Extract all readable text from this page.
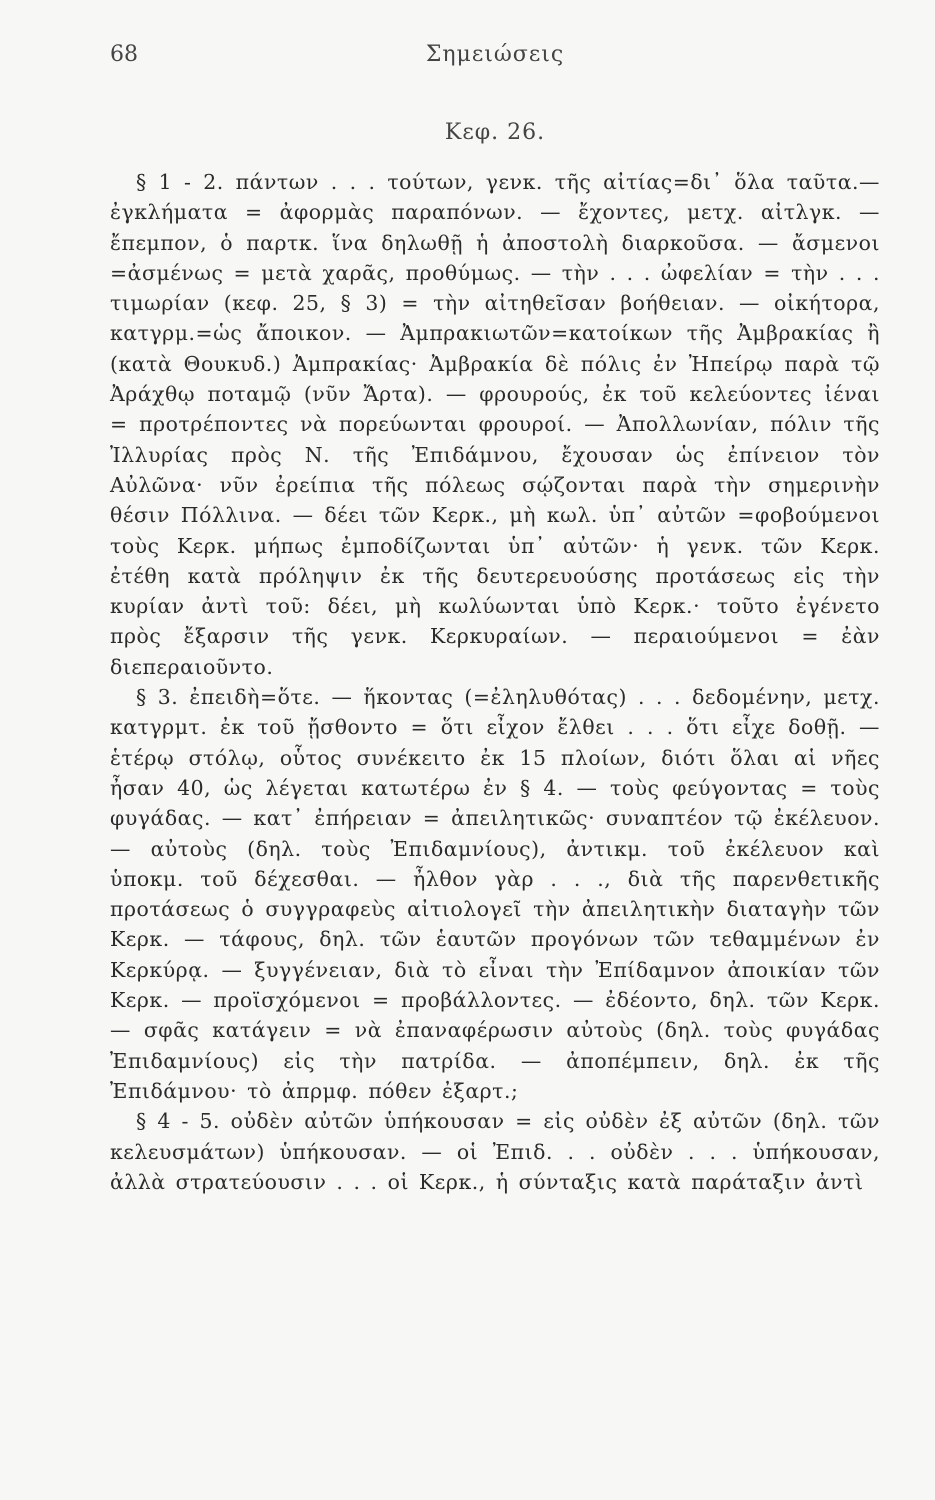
68	Σημειώσεις
Κεφ. 26.

§ 1 - 2. πάντων . . . τούτων, γενκ. τῆς αἰτίας=δι᾽ ὅλα ταῦτα.— ἐγκλήματα = ἀφορμὰς παραπόνων. — ἔχοντες, μετχ. αἰτλγκ. — ἔπεμπον, ὁ παρτκ. ἵνα δηλωθῇ ἡ ἀποστολὴ διαρκοῦσα. — ἄσμενοι =ἀσμένως = μετὰ χαρᾶς, προθύμως. — τὴν . . . ὠφελίαν = τὴν . . . τιμωρίαν (κεφ. 25, § 3) = τὴν αἰτηθεῖσαν βοήθειαν. — οἰκήτορα, κατγρμ.=ὡς ἄποικον. — Ἀμπρακιωτῶν=κατοίκων τῆς Ἀμβρακίας ἢ (κατὰ Θουκυδ.) Ἀμπρακίας· Ἀμβρακία δὲ πόλις ἐν Ἠπείρῳ παρὰ τῷ Ἀράχθῳ ποταμῷ (νῦν Ἄρτα). — φρουρούς, ἐκ τοῦ κελεύοντες ἰέναι = προτρέποντες νὰ πορεύωνται φρουροί. — Ἀπολλωνίαν, πόλιν τῆς Ἰλλυρίας πρὸς Ν. τῆς Ἐπιδάμνου, ἔχουσαν ὡς ἐπίνειον τὸν Αὐλῶνα· νῦν ἐρείπια τῆς πόλεως σῴζονται παρὰ τὴν σημερινὴν θέσιν Πόλλινα. — δέει τῶν Κερκ., μὴ κωλ. ὑπ᾽ αὐτῶν =φοβούμενοι τοὺς Κερκ. μήπως ἐμποδίζωνται ὑπ᾽ αὐτῶν· ἡ γενκ. τῶν Κερκ. ἐτέθη κατὰ πρόληψιν ἐκ τῆς δευτερευούσης προτάσεως εἰς τὴν κυρίαν ἀντὶ τοῦ: δέει, μὴ κωλύωνται ὑπὸ Κερκ.· τοῦτο ἐγένετο πρὸς ἔξαρσιν τῆς γενκ. Κερκυραίων. — περαιούμενοι = ἐὰν διεπεραιοῦντο.

§ 3. ἐπειδὴ=ὅτε. — ἥκοντας (=ἐληλυθότας) . . . δεδομένην, μετχ. κατγρμτ. ἐκ τοῦ ᾔσθοντο = ὅτι εἶχον ἔλθει . . . ὅτι εἶχε δοθῇ. — ἑτέρῳ στόλῳ, οὗτος συνέκειτο ἐκ 15 πλοίων, διότι ὅλαι αἱ νῆες ἦσαν 40, ὡς λέγεται κατωτέρω ἐν § 4. — τοὺς φεύγοντας = τοὺς φυγάδας. — κατ᾽ ἐπήρειαν = ἀπειλητικῶς· συναπτέον τῷ ἐκέλευον. — αὐτοὺς (δηλ. τοὺς Ἐπιδαμνίους), ἀντικμ. τοῦ ἐκέλευον καὶ ὑποκμ. τοῦ δέχεσθαι. — ἦλθον γὰρ . . ., διὰ τῆς παρενθετικῆς προτάσεως ὁ συγγραφεὺς αἰτιολογεῖ τὴν ἀπειλητικὴν διαταγὴν τῶν Κερκ. — τάφους, δηλ. τῶν ἑαυτῶν προγόνων τῶν τεθαμμένων ἐν Κερκύρᾳ. — ξυγγένειαν, διὰ τὸ εἶναι τὴν Ἐπίδαμνον ἀποικίαν τῶν Κερκ. — προϊσχόμενοι = προβάλλοντες. — ἐδέοντο, δηλ. τῶν Κερκ. — σφᾶς κατάγειν = νὰ ἐπαναφέρωσιν αὐτοὺς (δηλ. τοὺς φυγάδας Ἐπιδαμνίους) εἰς τὴν πατρίδα. — ἀποπέμπειν, δηλ. ἐκ τῆς Ἐπιδάμνου· τὸ ἀπρμφ. πόθεν ἐξαρτ.;

§ 4 - 5. οὐδὲν αὐτῶν ὑπήκουσαν = εἰς οὐδὲν ἐξ αὐτῶν (δηλ. τῶν κελευσμάτων) ὑπήκουσαν. — οἱ Ἐπιδ. . . οὐδὲν . . . ὑπήκουσαν, ἀλλὰ στρατεύουσιν . . . οἱ Κερκ., ἡ σύνταξις κατὰ παράταξιν ἀντὶ
